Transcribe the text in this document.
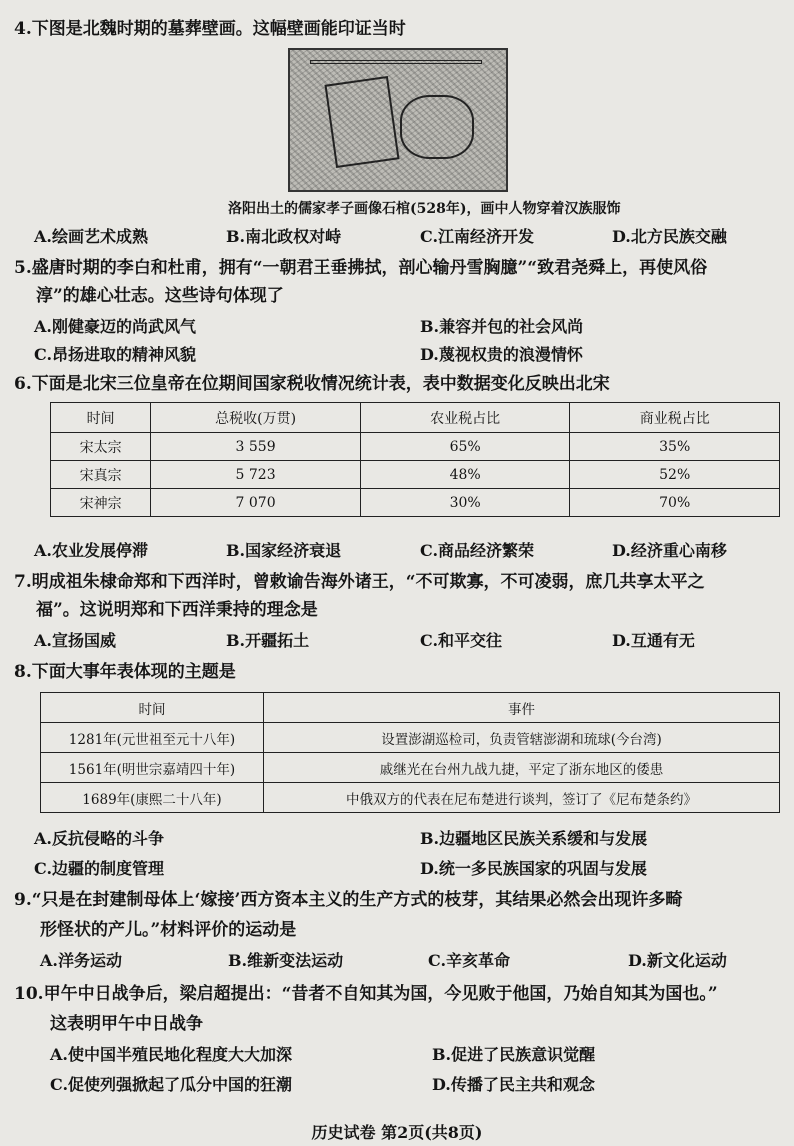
4.下图是北魏时期的墓葬壁画。这幅壁画能印证当时
洛阳出土的儒家孝子画像石棺(528年)，画中人物穿着汉族服饰
A.绘画艺术成熟	B.南北政权对峙	C.江南经济开发	D.北方民族交融
5.盛唐时期的李白和杜甫，拥有“一朝君王垂拂拭，剖心输丹雪胸臆”“致君尧舜上，再使风俗
淳”的雄心壮志。这些诗句体现了
A.刚健豪迈的尚武风气	B.兼容并包的社会风尚
C.昂扬进取的精神风貌	D.蔑视权贵的浪漫情怀
6.下面是北宋三位皇帝在位期间国家税收情况统计表，表中数据变化反映出北宋
时间	总税收(万贯)	农业税占比	商业税占比
宋太宗	3 559	65%	35%
宋真宗	5 723	48%	52%
宋神宗	7 070	30%	70%
A.农业发展停滞	B.国家经济衰退	C.商品经济繁荣	D.经济重心南移
7.明成祖朱棣命郑和下西洋时，曾敕谕告海外诸王，“不可欺寡，不可凌弱，庶几共享太平之
福”。这说明郑和下西洋秉持的理念是
A.宣扬国威	B.开疆拓土	C.和平交往	D.互通有无
8.下面大事年表体现的主题是
时间	事件
1281年(元世祖至元十八年)	设置澎湖巡检司，负责管辖澎湖和琉球(今台湾)
1561年(明世宗嘉靖四十年)	戚继光在台州九战九捷，平定了浙东地区的倭患
1689年(康熙二十八年)	中俄双方的代表在尼布楚进行谈判，签订了《尼布楚条约》
A.反抗侵略的斗争	B.边疆地区民族关系缓和与发展
C.边疆的制度管理	D.统一多民族国家的巩固与发展
9.“只是在封建制母体上‘嫁接’西方资本主义的生产方式的枝芽，其结果必然会出现许多畸
形怪状的产儿。”材料评价的运动是
A.洋务运动	B.维新变法运动	C.辛亥革命	D.新文化运动
10.甲午中日战争后，梁启超提出：“昔者不自知其为国，今见败于他国，乃始自知其为国也。”
这表明甲午中日战争
A.使中国半殖民地化程度大大加深	B.促进了民族意识觉醒
C.促使列强掀起了瓜分中国的狂潮	D.传播了民主共和观念
历史试卷 第2页(共8页)
